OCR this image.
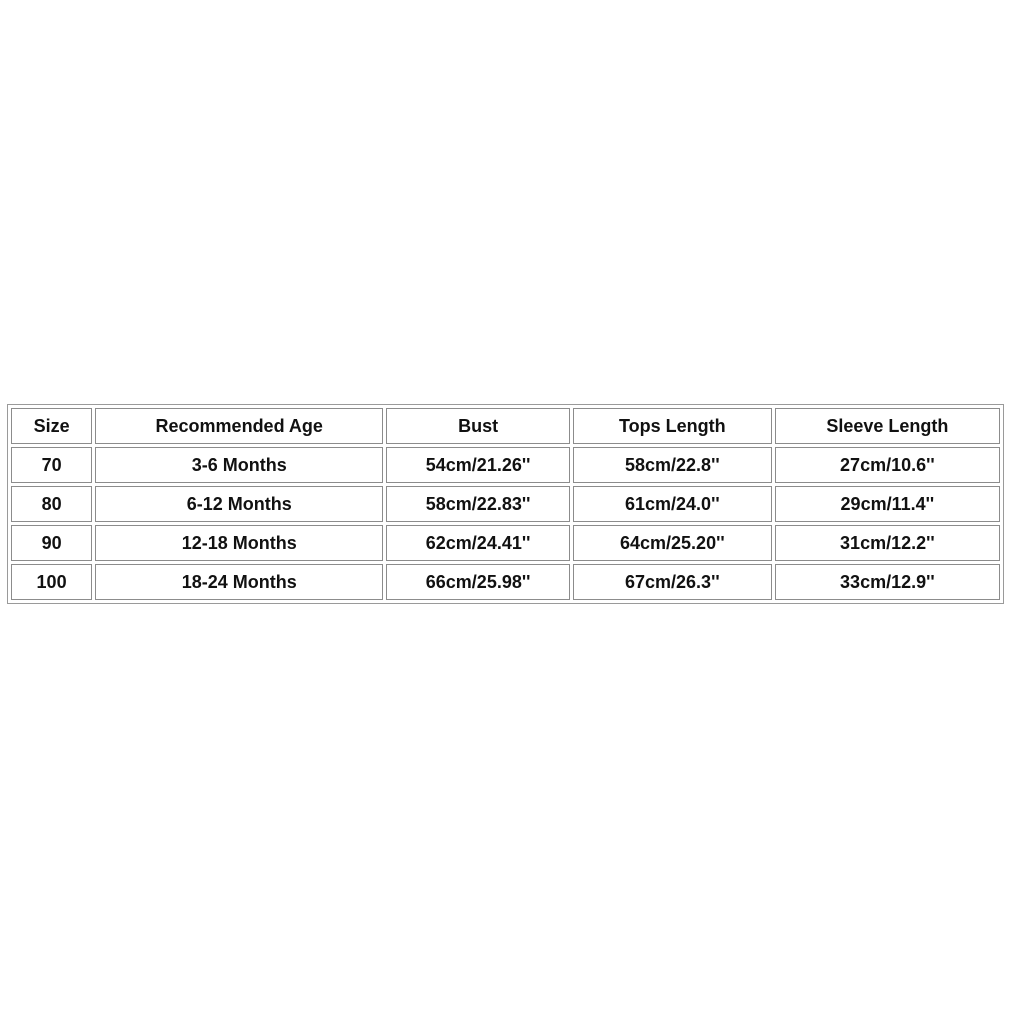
Size	Recommended Age	Bust	Tops Length	Sleeve Length
70	3-6 Months	54cm/21.26''	58cm/22.8''	27cm/10.6''
80	6-12 Months	58cm/22.83''	61cm/24.0''	29cm/11.4''
90	12-18 Months	62cm/24.41''	64cm/25.20''	31cm/12.2''
100	18-24 Months	66cm/25.98''	67cm/26.3''	33cm/12.9''
